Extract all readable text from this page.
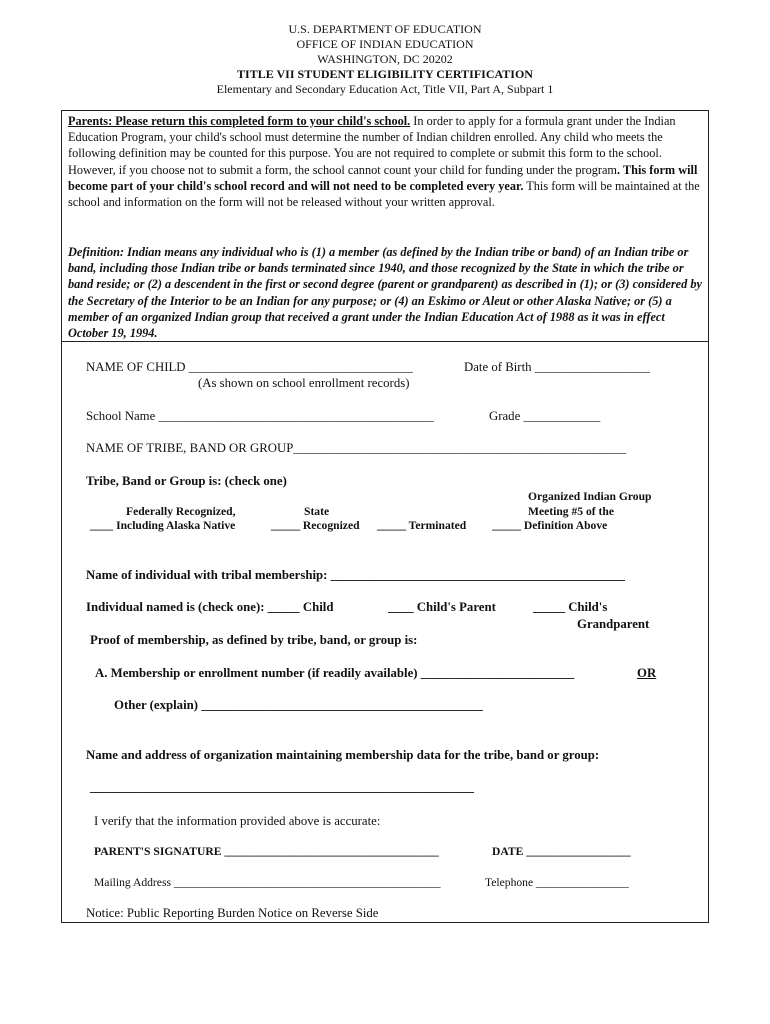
U.S. DEPARTMENT OF EDUCATION
OFFICE OF INDIAN EDUCATION
WASHINGTON, DC 20202
TITLE VII STUDENT ELIGIBILITY CERTIFICATION
Elementary and Secondary Education Act, Title VII, Part A, Subpart 1
Parents: Please return this completed form to your child's school. In order to apply for a formula grant under the Indian Education Program, your child's school must determine the number of Indian children enrolled. Any child who meets the following definition may be counted for this purpose. You are not required to complete or submit this form to the school. However, if you choose not to submit a form, the school cannot count your child for funding under the program. This form will become part of your child's school record and will not need to be completed every year. This form will be maintained at the school and information on the form will not be released without your written approval.
Definition: Indian means any individual who is (1) a member (as defined by the Indian tribe or band) of an Indian tribe or band, including those Indian tribe or bands terminated since 1940, and those recognized by the State in which the tribe or band reside; or (2) a descendent in the first or second degree (parent or grandparent) as described in (1); or (3) considered by the Secretary of the Interior to be an Indian for any purpose; or (4) an Eskimo or Aleut or other Alaska Native; or (5) a member of an organized Indian group that received a grant under the Indian Education Act of 1988 as it was in effect October 19, 1994.
NAME OF CHILD ___________________________________	Date of Birth __________________
(As shown on school enrollment records)
School Name ___________________________________________	Grade ____________
NAME OF TRIBE, BAND OR GROUP____________________________________________________
Tribe, Band or Group is: (check one)
Federally Recognized,
____ Including Alaska Native
State
_____ Recognized _____ Terminated
Organized Indian Group
Meeting #5 of the
_____ Definition Above
Name of individual with tribal membership: ______________________________________________
Individual named is (check one): _____ Child	____ Child's Parent	_____ Child's
Grandparent
Proof of membership, as defined by tribe, band, or group is:
A. Membership or enrollment number (if readily available) ________________________	OR
Other (explain) ____________________________________________
Name and address of organization maintaining membership data for the tribe, band or group:
____________________________________________________________
I verify that the information provided above is accurate:
PARENT'S SIGNATURE _____________________________________	DATE __________________
Mailing Address ______________________________________________	Telephone ________________
Notice: Public Reporting Burden Notice on Reverse Side
